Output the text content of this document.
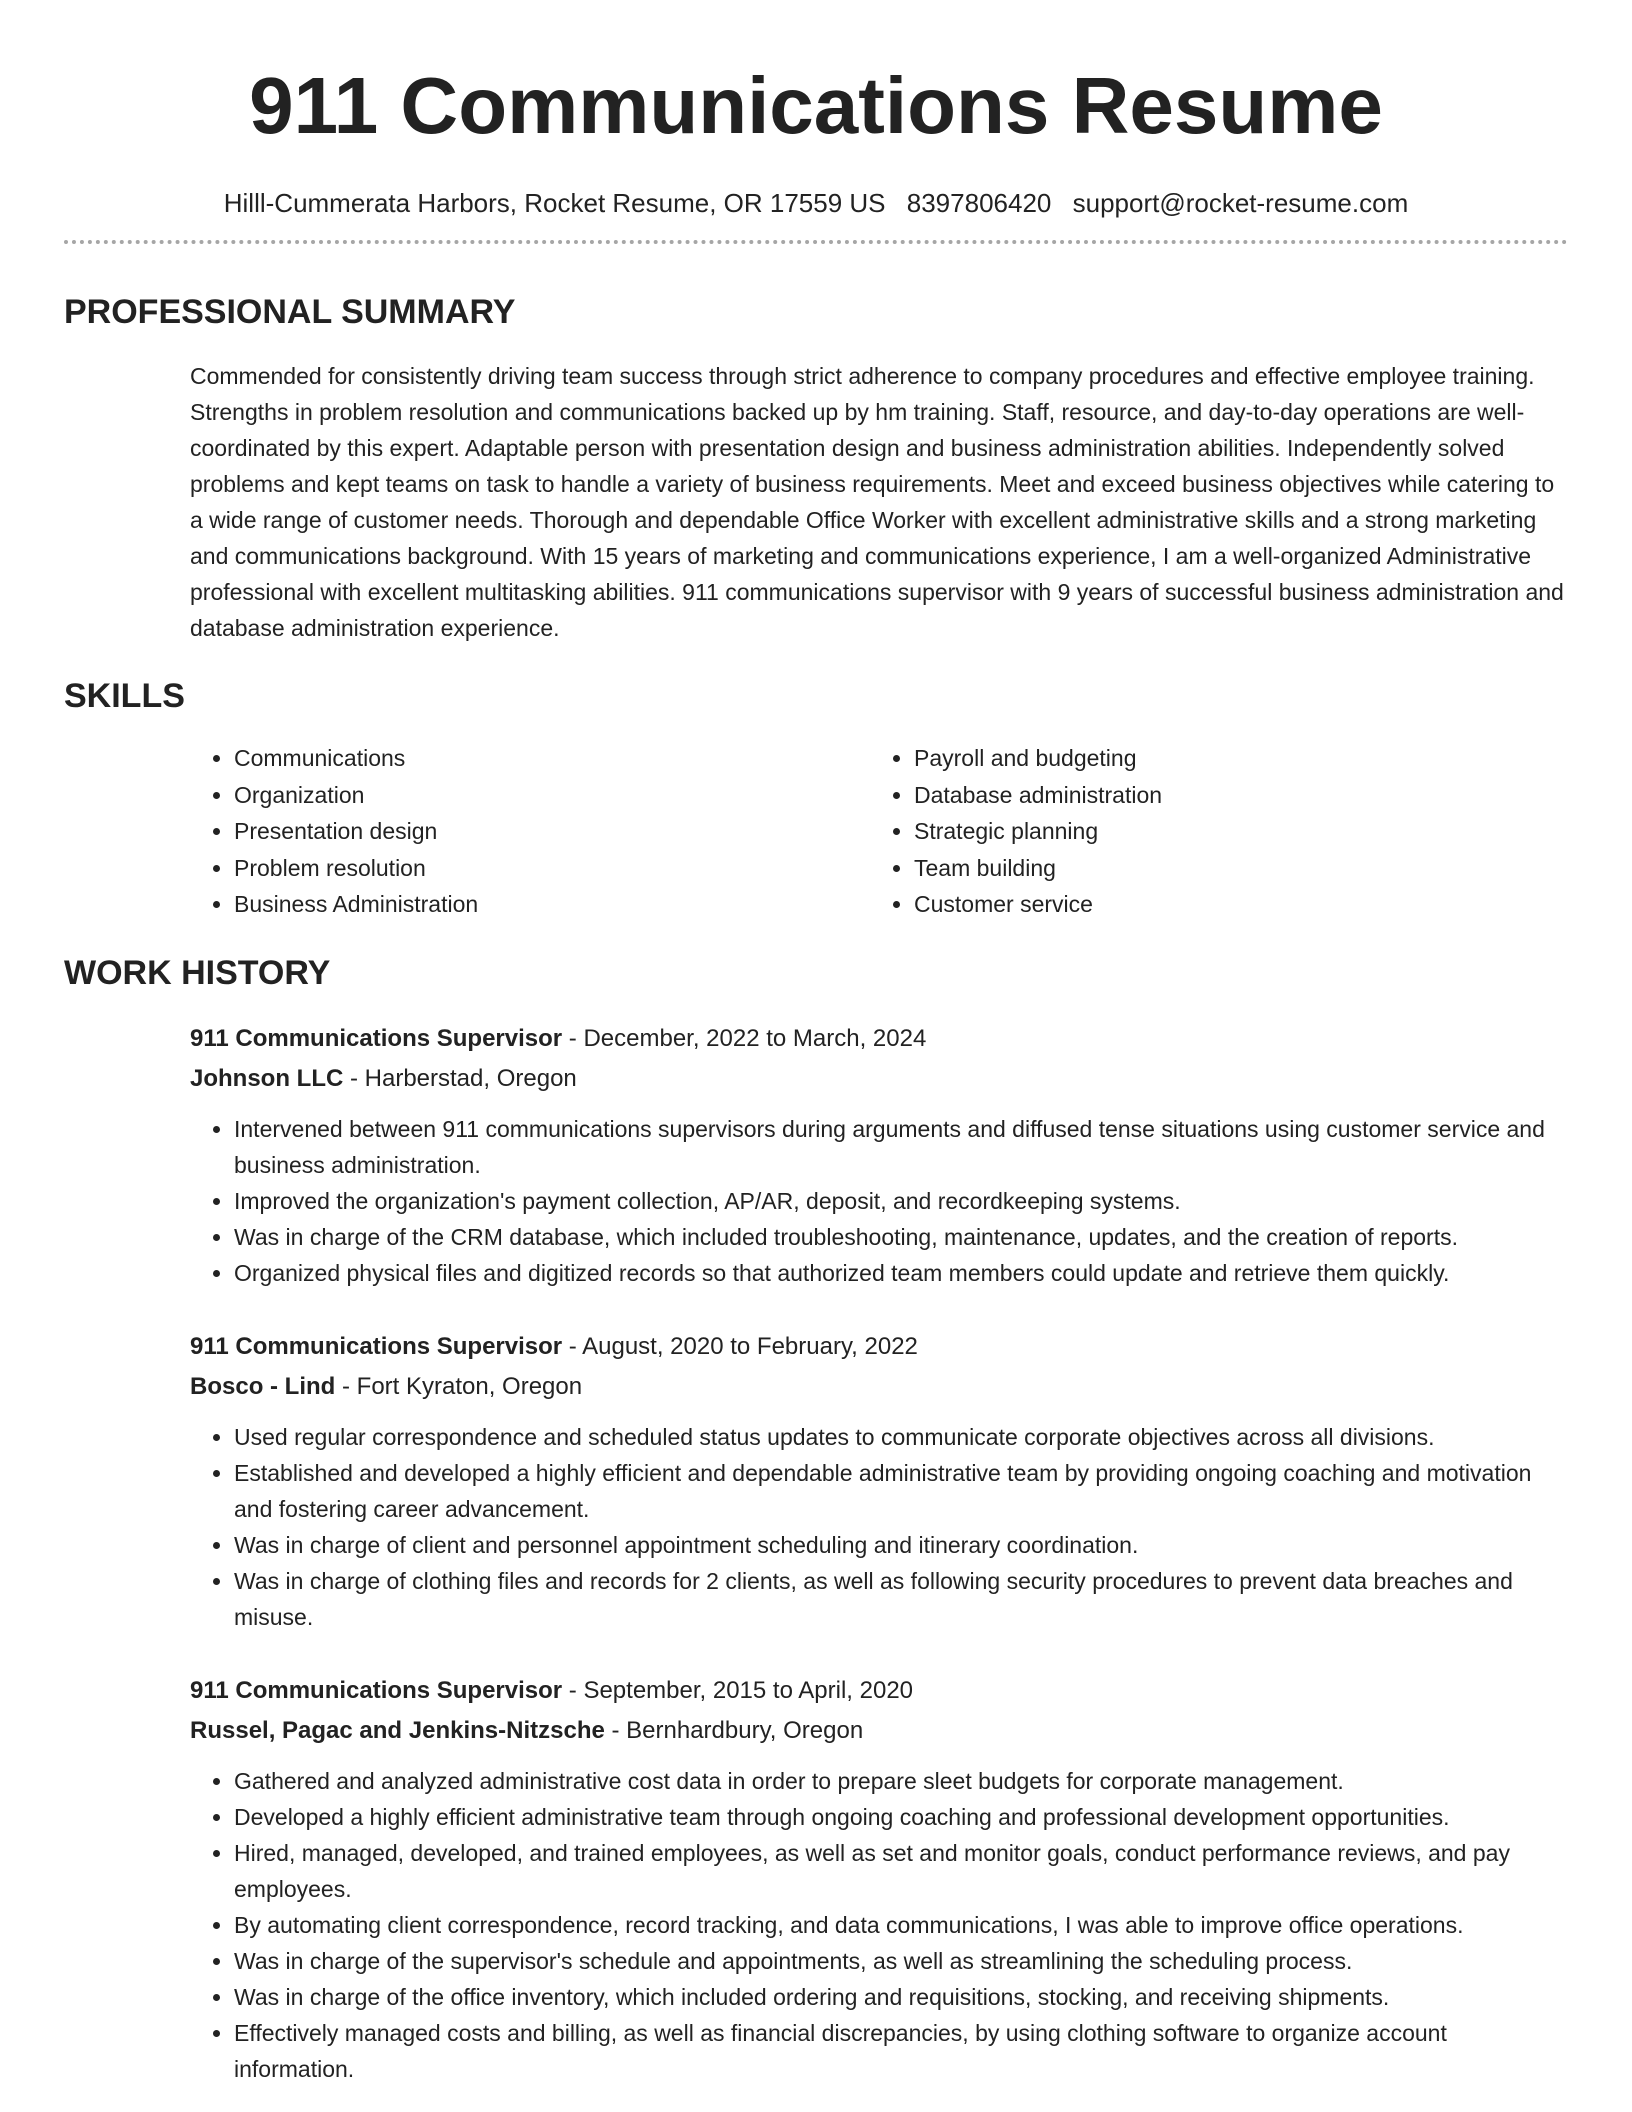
911 Communications Resume
Hilll-Cummerata Harbors, Rocket Resume, OR 17559 US 8397806420 support@rocket-resume.com
PROFESSIONAL SUMMARY

Commended for consistently driving team success through strict adherence to company procedures and effective employee training. Strengths in problem resolution and communications backed up by hm training. Staff, resource, and day-to-day operations are well-coordinated by this expert. Adaptable person with presentation design and business administration abilities. Independently solved problems and kept teams on task to handle a variety of business requirements. Meet and exceed business objectives while catering to a wide range of customer needs. Thorough and dependable Office Worker with excellent administrative skills and a strong marketing and communications background. With 15 years of marketing and communications experience, I am a well-organized Administrative professional with excellent multitasking abilities. 911 communications supervisor with 9 years of successful business administration and database administration experience.

SKILLS
• Communications
• Organization
• Presentation design
• Problem resolution
• Business Administration
• Payroll and budgeting
• Database administration
• Strategic planning
• Team building
• Customer service
WORK HISTORY
911 Communications Supervisor - December, 2022 to March, 2024
Johnson LLC - Harberstad, Oregon
• Intervened between 911 communications supervisors during arguments and diffused tense situations using customer service and business administration.
• Improved the organization's payment collection, AP/AR, deposit, and recordkeeping systems.
• Was in charge of the CRM database, which included troubleshooting, maintenance, updates, and the creation of reports.
• Organized physical files and digitized records so that authorized team members could update and retrieve them quickly.
911 Communications Supervisor - August, 2020 to February, 2022
Bosco - Lind - Fort Kyraton, Oregon
• Used regular correspondence and scheduled status updates to communicate corporate objectives across all divisions.
• Established and developed a highly efficient and dependable administrative team by providing ongoing coaching and motivation and fostering career advancement.
• Was in charge of client and personnel appointment scheduling and itinerary coordination.
• Was in charge of clothing files and records for 2 clients, as well as following security procedures to prevent data breaches and misuse.
911 Communications Supervisor - September, 2015 to April, 2020
Russel, Pagac and Jenkins-Nitzsche - Bernhardbury, Oregon
• Gathered and analyzed administrative cost data in order to prepare sleet budgets for corporate management.
• Developed a highly efficient administrative team through ongoing coaching and professional development opportunities.
• Hired, managed, developed, and trained employees, as well as set and monitor goals, conduct performance reviews, and pay employees.
• By automating client correspondence, record tracking, and data communications, I was able to improve office operations.
• Was in charge of the supervisor's schedule and appointments, as well as streamlining the scheduling process.
• Was in charge of the office inventory, which included ordering and requisitions, stocking, and receiving shipments.
• Effectively managed costs and billing, as well as financial discrepancies, by using clothing software to organize account information.
